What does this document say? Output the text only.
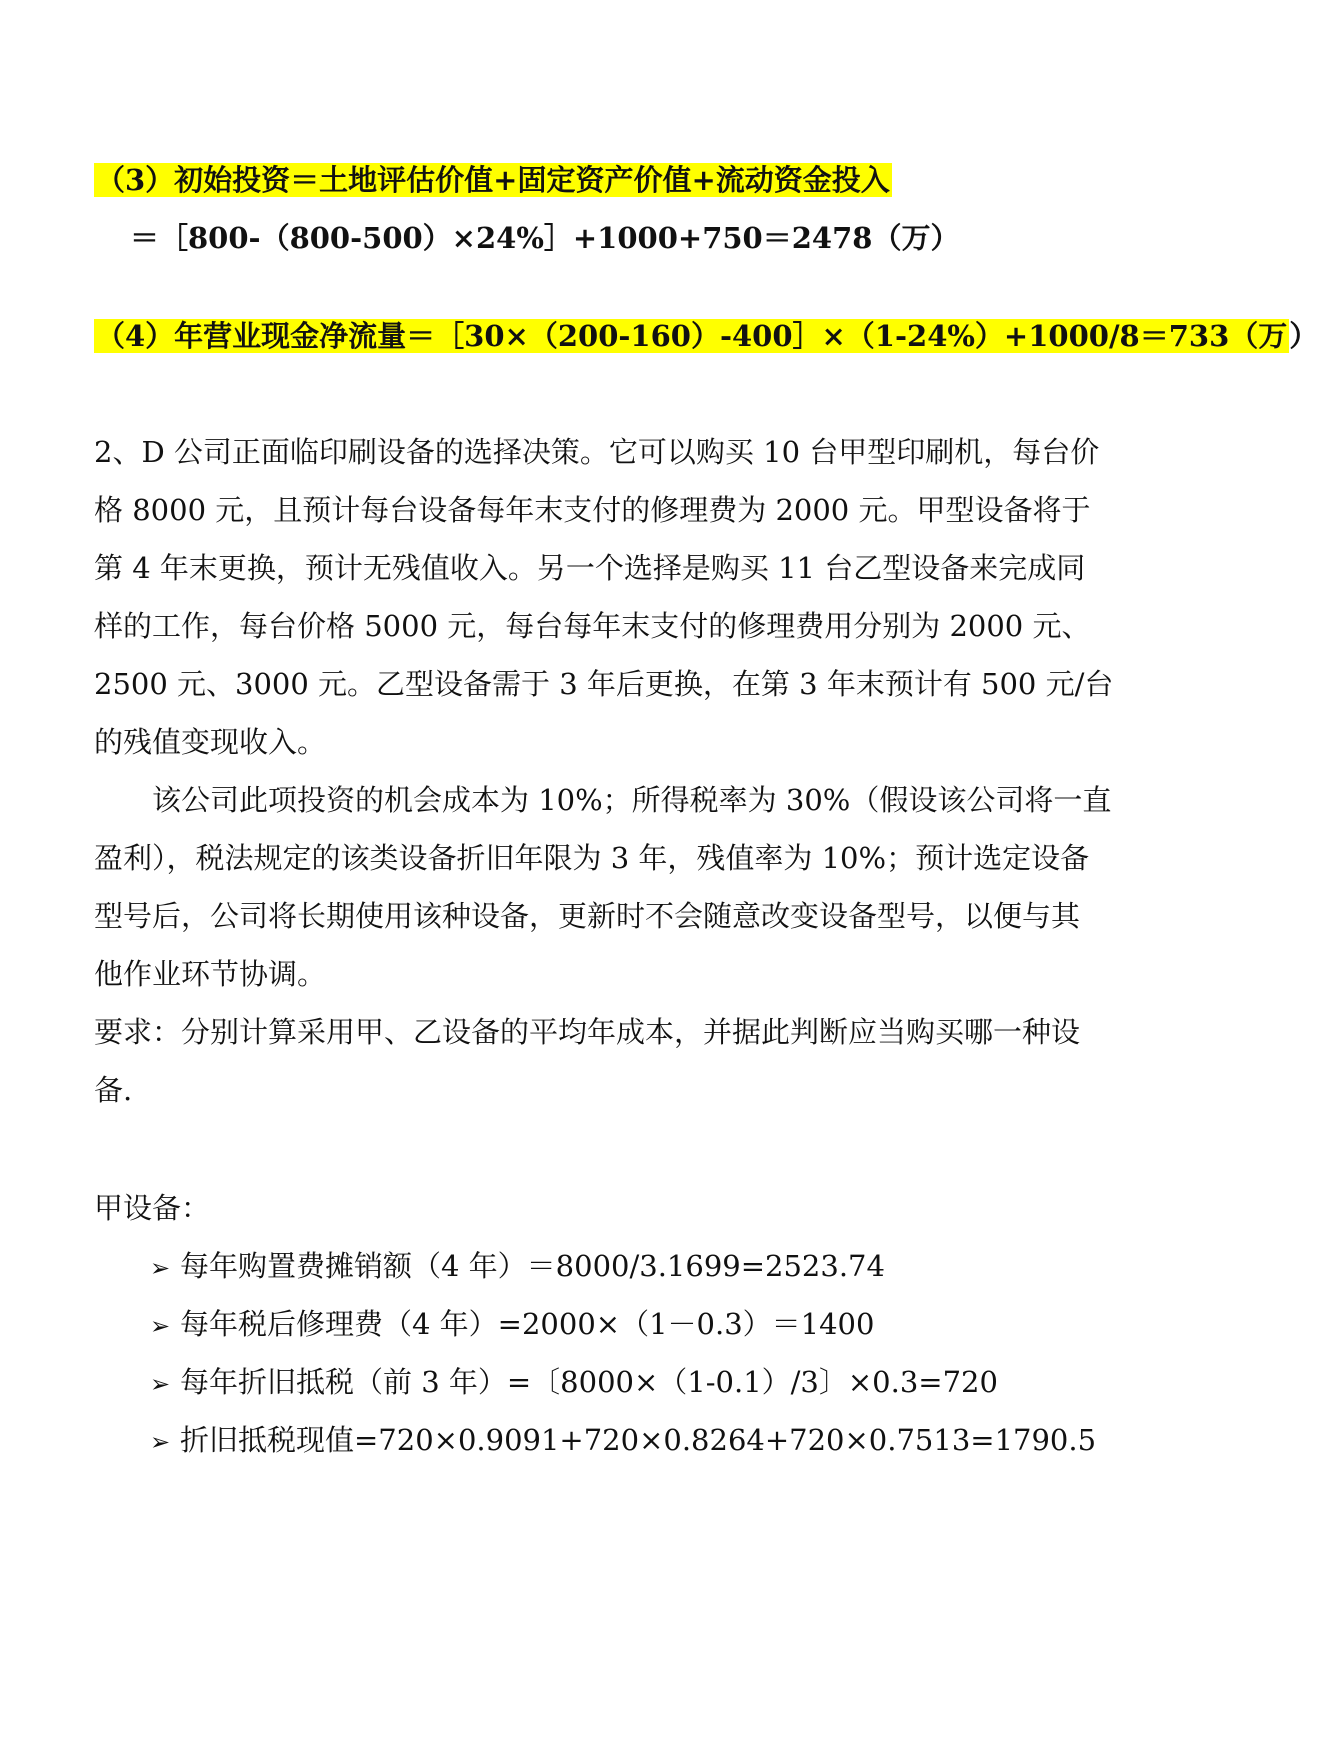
（3）初始投资＝土地评估价值+固定资产价值+流动资金投入
＝［800-（800-500）×24%］+1000+750＝2478（万）
（4）年营业现金净流量＝［30×（200-160）-400］×（1-24%）+1000/8＝733（万）
2、D 公司正面临印刷设备的选择决策。它可以购买 10 台甲型印刷机，每台价
格 8000 元，且预计每台设备每年末支付的修理费为 2000 元。甲型设备将于
第 4 年末更换，预计无残值收入。另一个选择是购买 11 台乙型设备来完成同
样的工作，每台价格 5000 元，每台每年末支付的修理费用分别为 2000 元、
2500 元、3000 元。乙型设备需于 3 年后更换，在第 3 年末预计有 500 元/台
的残值变现收入。
该公司此项投资的机会成本为 10%；所得税率为 30%（假设该公司将一直
盈利），税法规定的该类设备折旧年限为 3 年，残值率为 10%；预计选定设备
型号后，公司将长期使用该种设备，更新时不会随意改变设备型号，以便与其
他作业环节协调。
要求：分别计算采用甲、乙设备的平均年成本，并据此判断应当购买哪一种设
备.
甲设备：
➢ 每年购置费摊销额（4 年）＝8000/3.1699=2523.74
➢ 每年税后修理费（4 年）=2000×（1－0.3）＝1400
➢ 每年折旧抵税（前 3 年）=〔8000×（1-0.1）/3〕×0.3=720
➢ 折旧抵税现值=720×0.9091+720×0.8264+720×0.7513=1790.5
